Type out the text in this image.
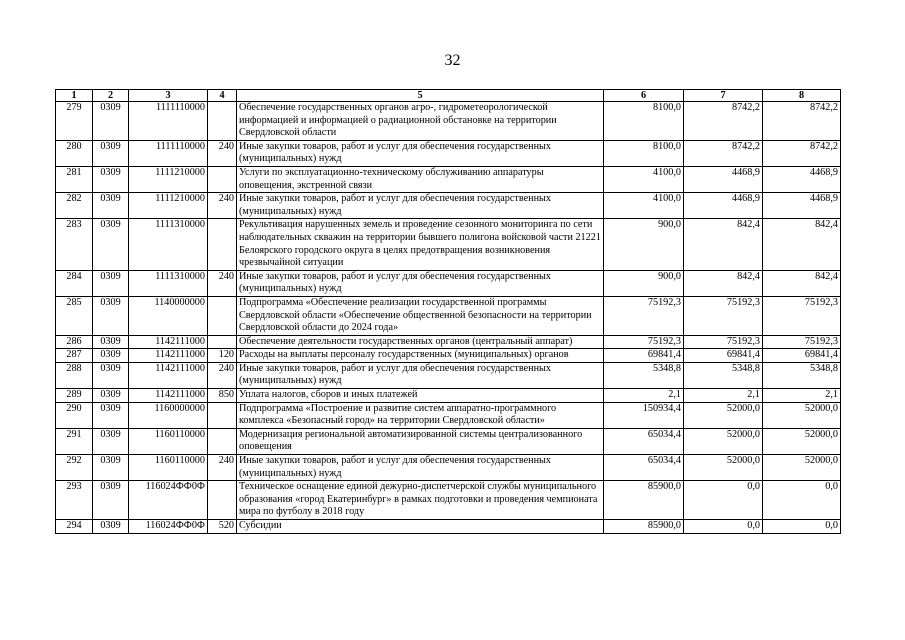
32
1	2	3	4	5	6	7	8
279	0309	1111110000		Обеспечение государственных органов агро-, гидрометеорологической информацией и информацией о радиационной обстановке на территории Свердловской области	8100,0	8742,2	8742,2
280	0309	1111110000	240	Иные закупки товаров, работ и услуг для обеспечения государственных (муниципальных) нужд	8100,0	8742,2	8742,2
281	0309	1111210000		Услуги по эксплуатационно-техническому обслуживанию аппаратуры оповещения, экстренной связи	4100,0	4468,9	4468,9
282	0309	1111210000	240	Иные закупки товаров, работ и услуг для обеспечения государственных (муниципальных) нужд	4100,0	4468,9	4468,9
283	0309	1111310000		Рекультивация нарушенных земель и проведение сезонного мониторинга по сети наблюдательных скважин на территории бывшего полигона войсковой части 21221 Белоярского городского округа в целях предотвращения возникновения чрезвычайной ситуации	900,0	842,4	842,4
284	0309	1111310000	240	Иные закупки товаров, работ и услуг для обеспечения государственных (муниципальных) нужд	900,0	842,4	842,4
285	0309	1140000000		Подпрограмма «Обеспечение реализации государственной программы Свердловской области «Обеспечение общественной безопасности на территории Свердловской области до 2024 года»	75192,3	75192,3	75192,3
286	0309	1142111000		Обеспечение деятельности государственных органов (центральный аппарат)	75192,3	75192,3	75192,3
287	0309	1142111000	120	Расходы на выплаты персоналу государственных (муниципальных) органов	69841,4	69841,4	69841,4
288	0309	1142111000	240	Иные закупки товаров, работ и услуг для обеспечения государственных (муниципальных) нужд	5348,8	5348,8	5348,8
289	0309	1142111000	850	Уплата налогов, сборов и иных платежей	2,1	2,1	2,1
290	0309	1160000000		Подпрограмма «Построение и развитие систем аппаратно-программного комплекса «Безопасный город» на территории Свердловской области»	150934,4	52000,0	52000,0
291	0309	1160110000		Модернизация региональной автоматизированной системы централизованного оповещения	65034,4	52000,0	52000,0
292	0309	1160110000	240	Иные закупки товаров, работ и услуг для обеспечения государственных (муниципальных) нужд	65034,4	52000,0	52000,0
293	0309	116024ФФ0Ф		Техническое оснащение единой дежурно-диспетчерской службы муниципального образования «город Екатеринбург» в рамках подготовки и проведения чемпионата мира по футболу в 2018 году	85900,0	0,0	0,0
294	0309	116024ФФ0Ф	520	Субсидии	85900,0	0,0	0,0
